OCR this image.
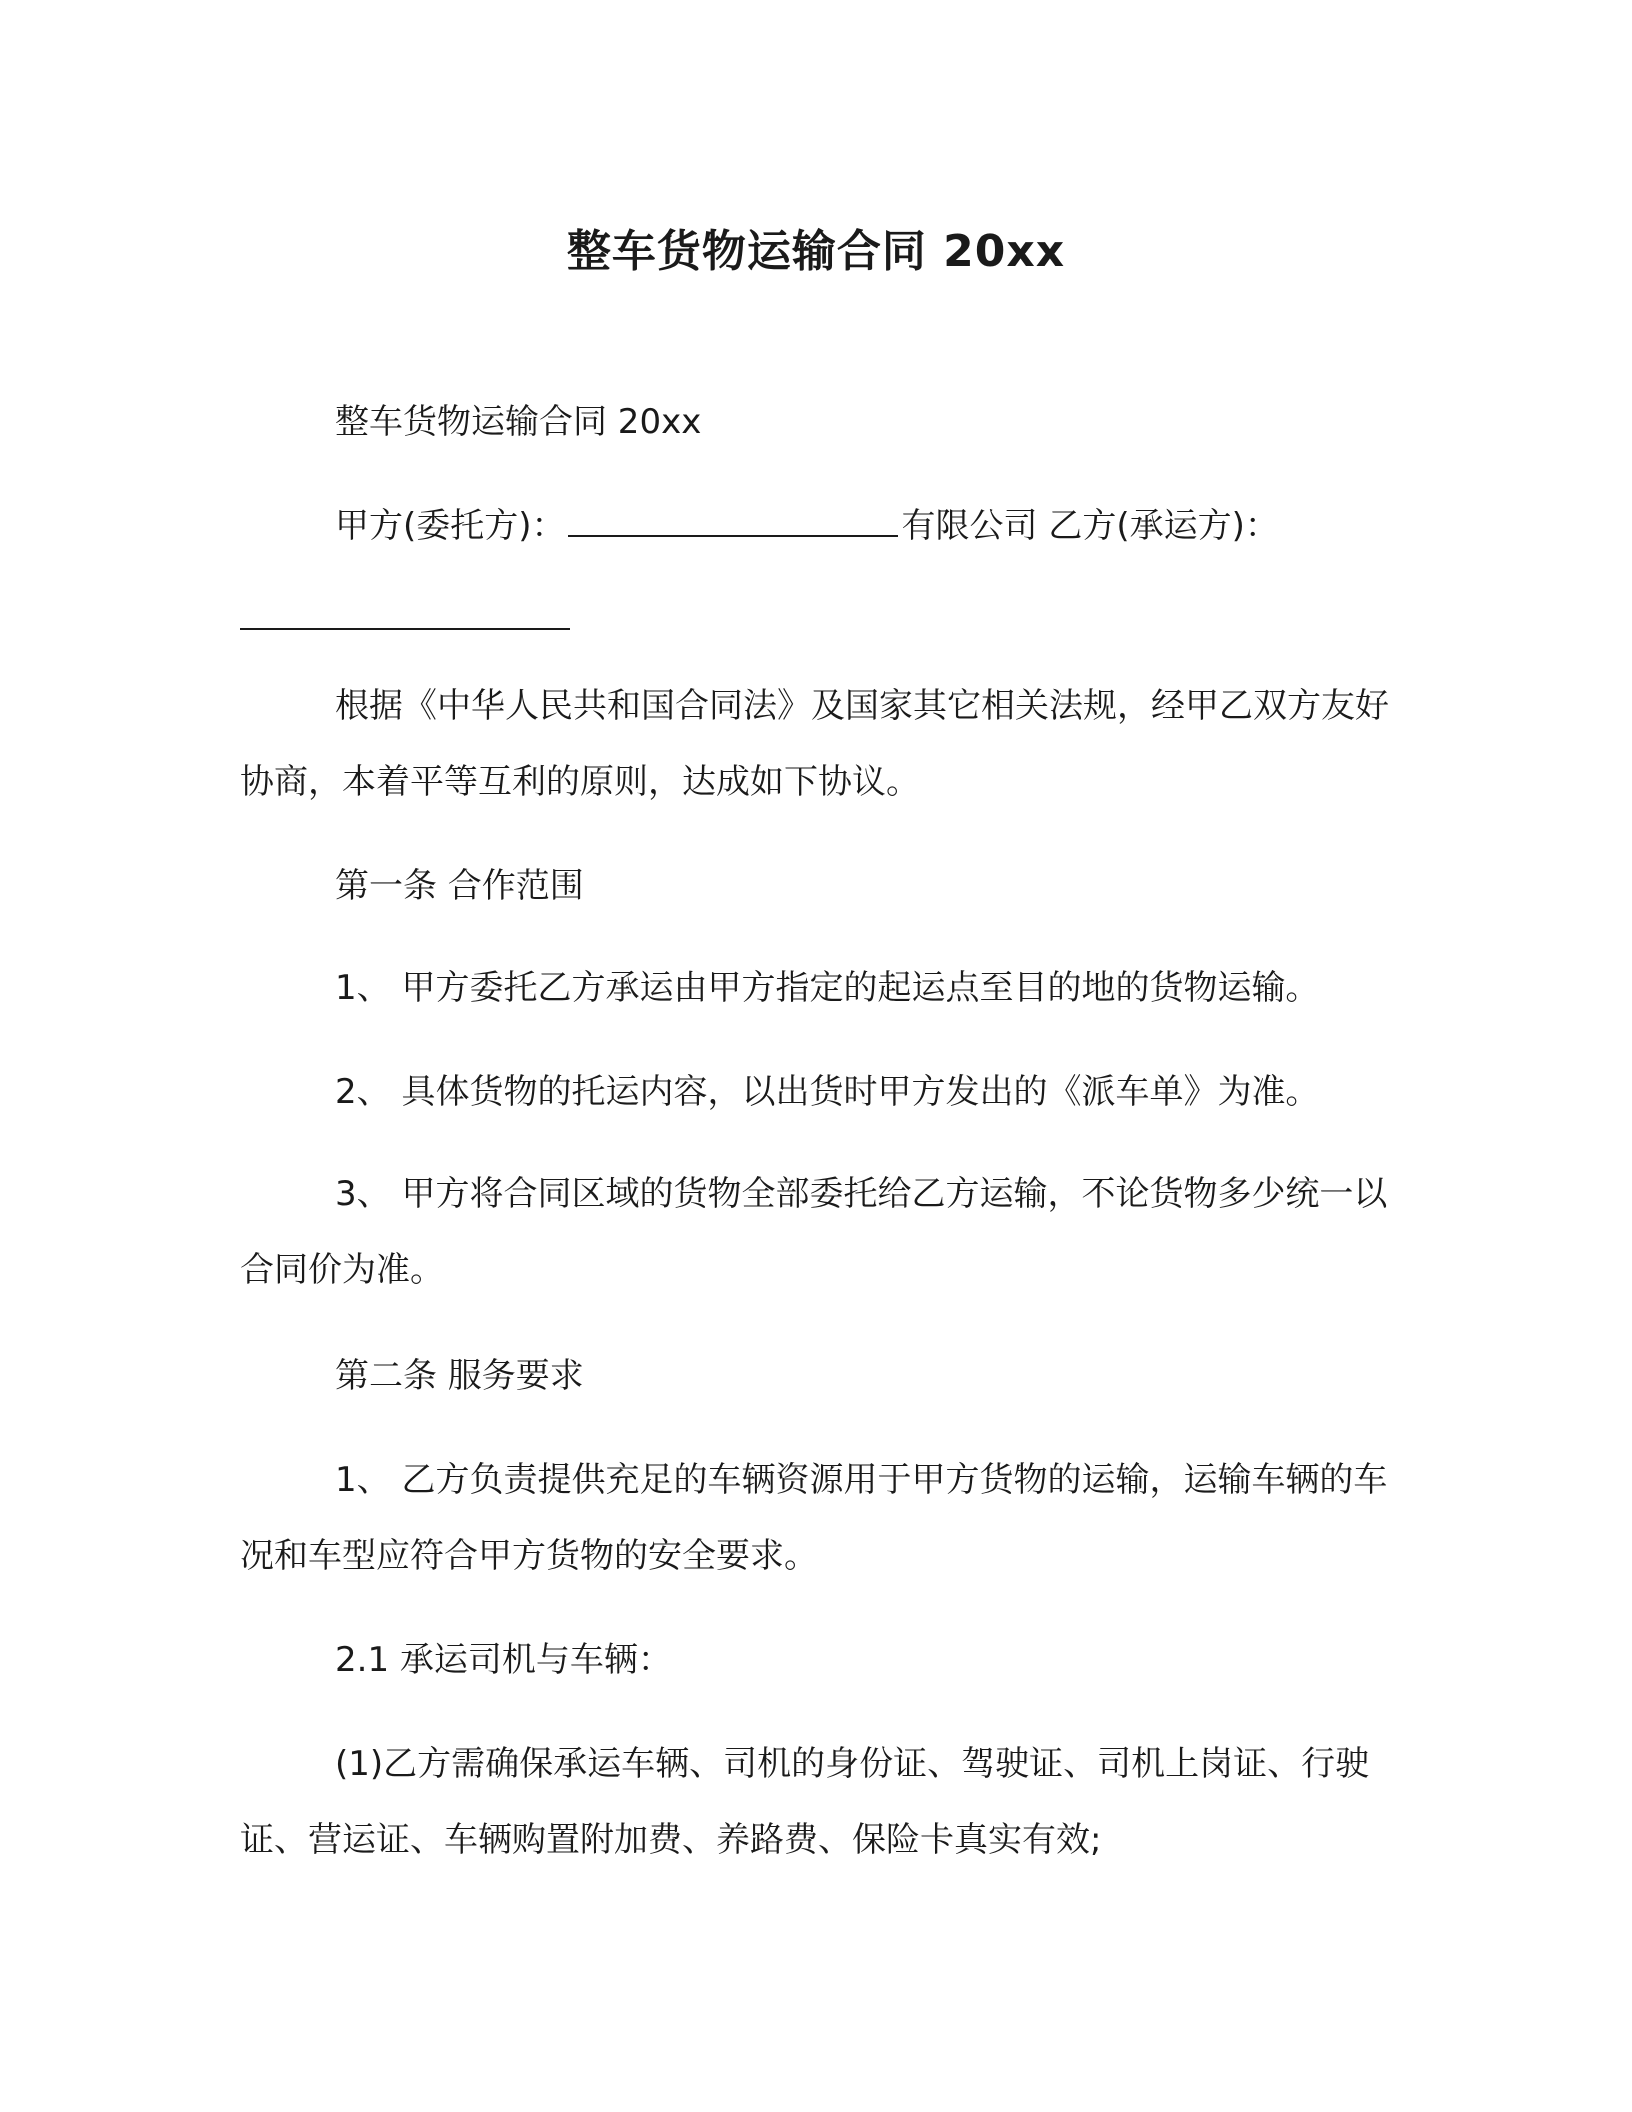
整车货物运输合同 20xx

整车货物运输合同 20xx

甲方(委托方)：	有限公司 乙方(承运方)：

根据《中华人民共和国合同法》及国家其它相关法规，经甲乙双方友好协商，本着平等互利的原则，达成如下协议。

第一条 合作范围

1、 甲方委托乙方承运由甲方指定的起运点至目的地的货物运输。

2、 具体货物的托运内容，以出货时甲方发出的《派车单》为准。

3、 甲方将合同区域的货物全部委托给乙方运输，不论货物多少统一以合同价为准。

第二条 服务要求

1、 乙方负责提供充足的车辆资源用于甲方货物的运输，运输车辆的车况和车型应符合甲方货物的安全要求。

2.1 承运司机与车辆：

(1)乙方需确保承运车辆、司机的身份证、驾驶证、司机上岗证、行驶证、营运证、车辆购置附加费、养路费、保险卡真实有效;
